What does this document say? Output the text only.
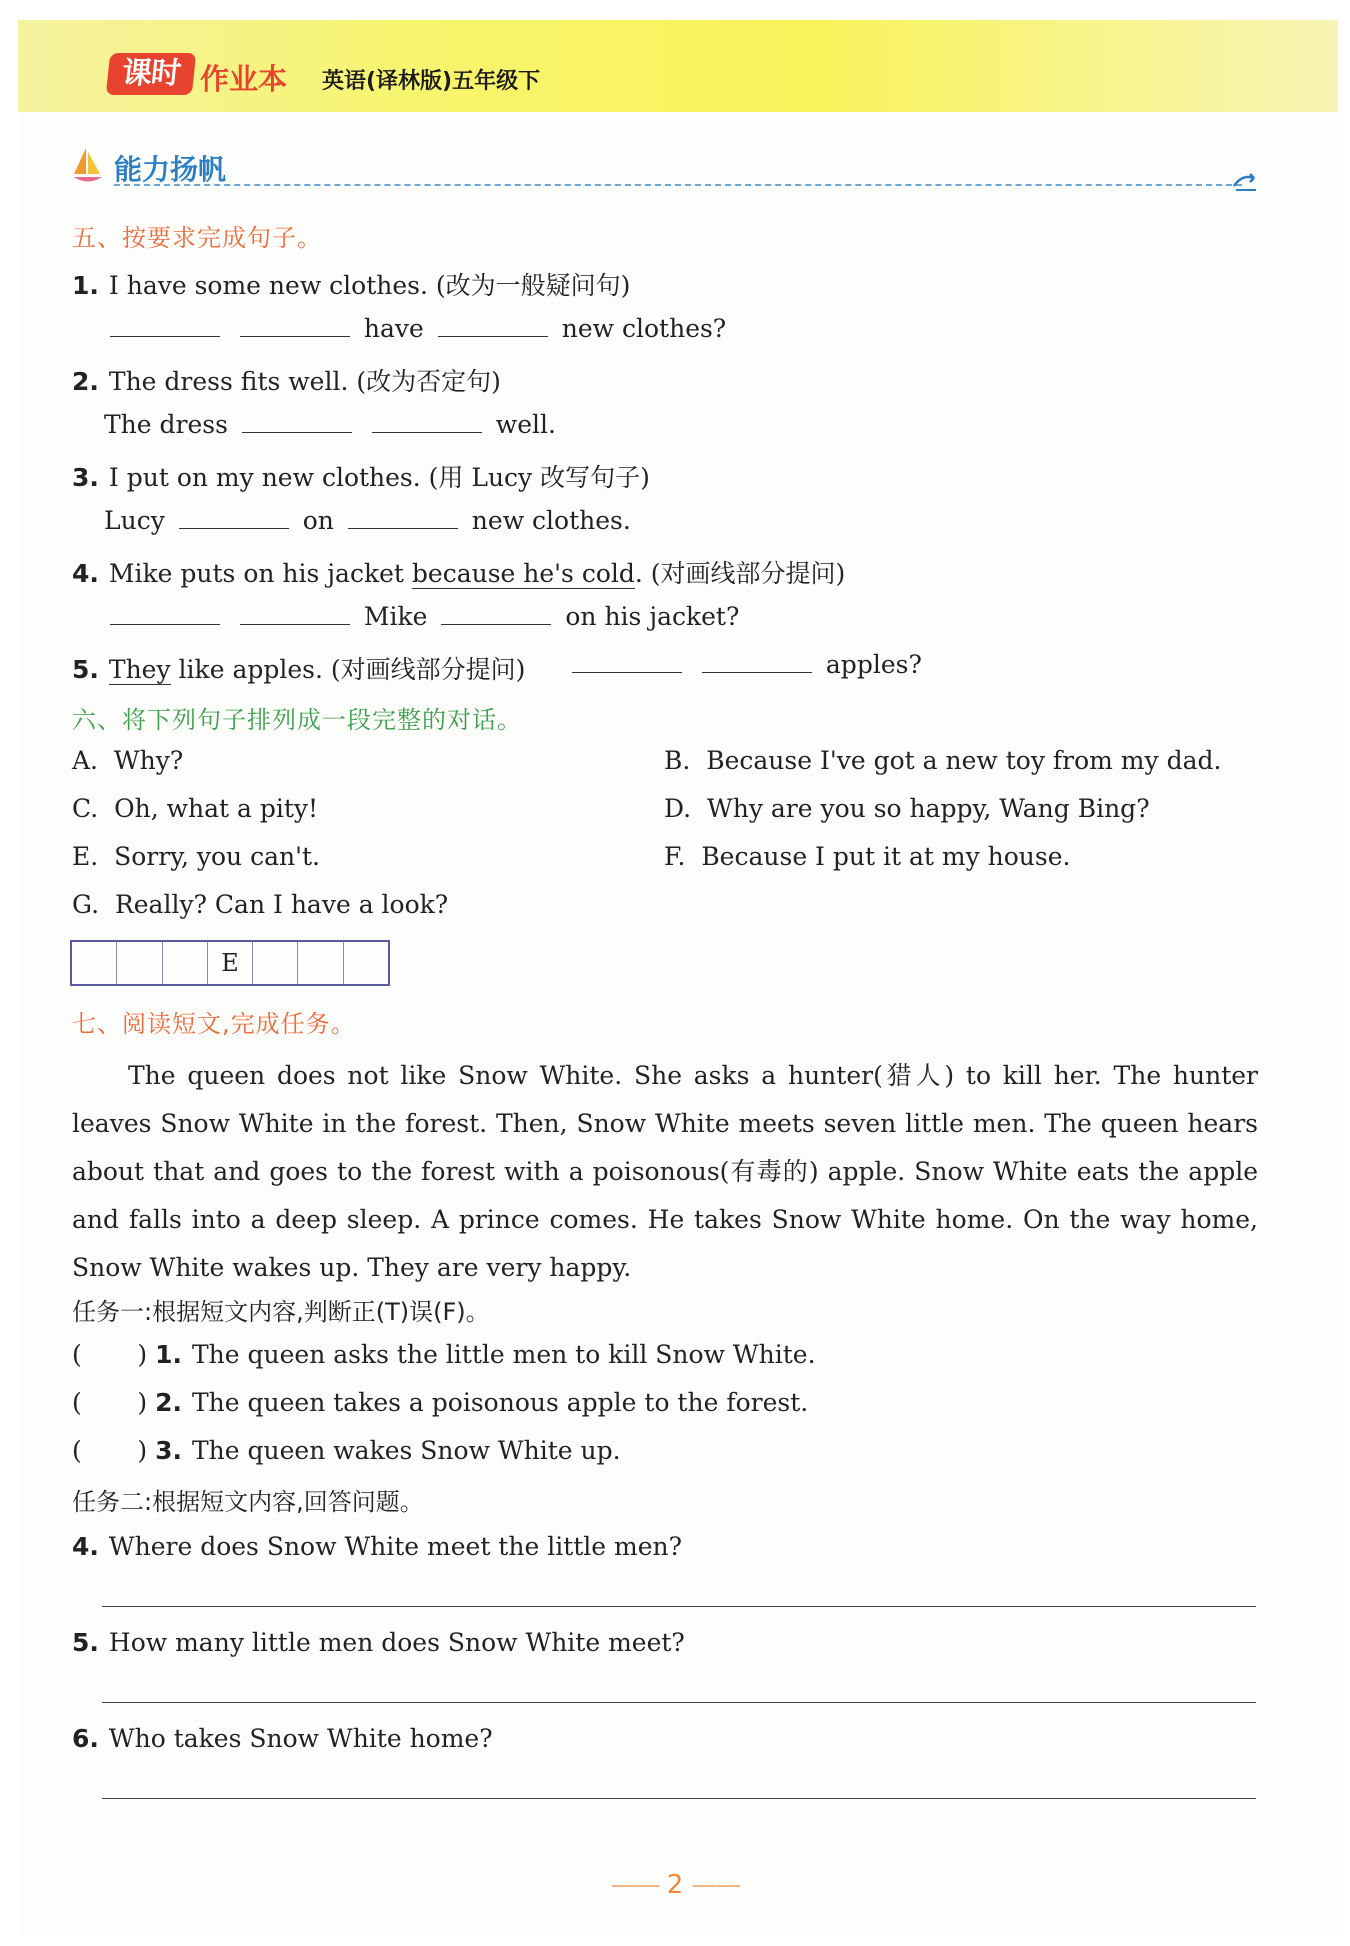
课时 作业本 英语(译林版)五年级下
能力扬帆
五、按要求完成句子。
1. I have some new clothes. (改为一般疑问句)
have	new clothes?
2. The dress fits well. (改为否定句)
The dress	well.
3. I put on my new clothes. (用 Lucy 改写句子)
Lucy	on	new clothes.
4. Mike puts on his jacket because he's cold. (对画线部分提问)
Mike	on his jacket?
5. They like apples. (对画线部分提问)	apples?
六、将下列句子排列成一段完整的对话。
A. Why?	B. Because I've got a new toy from my dad.
C. Oh, what a pity!	D. Why are you so happy, Wang Bing?
E. Sorry, you can't.	F. Because I put it at my house.
G. Really? Can I have a look?
E
七、阅读短文,完成任务。
The queen does not like Snow White. She asks a hunter(猎人) to kill her. The hunter leaves Snow White in the forest. Then, Snow White meets seven little men. The queen hears about that and goes to the forest with a poisonous(有毒的) apple. Snow White eats the apple and falls into a deep sleep. A prince comes. He takes Snow White home. On the way home, Snow White wakes up. They are very happy.
任务一:根据短文内容,判断正(T)误(F)。
(       ) 1. The queen asks the little men to kill Snow White.
(       ) 2. The queen takes a poisonous apple to the forest.
(       ) 3. The queen wakes Snow White up.
任务二:根据短文内容,回答问题。
4. Where does Snow White meet the little men?
5. How many little men does Snow White meet?
6. Who takes Snow White home?
—— 2 ——
